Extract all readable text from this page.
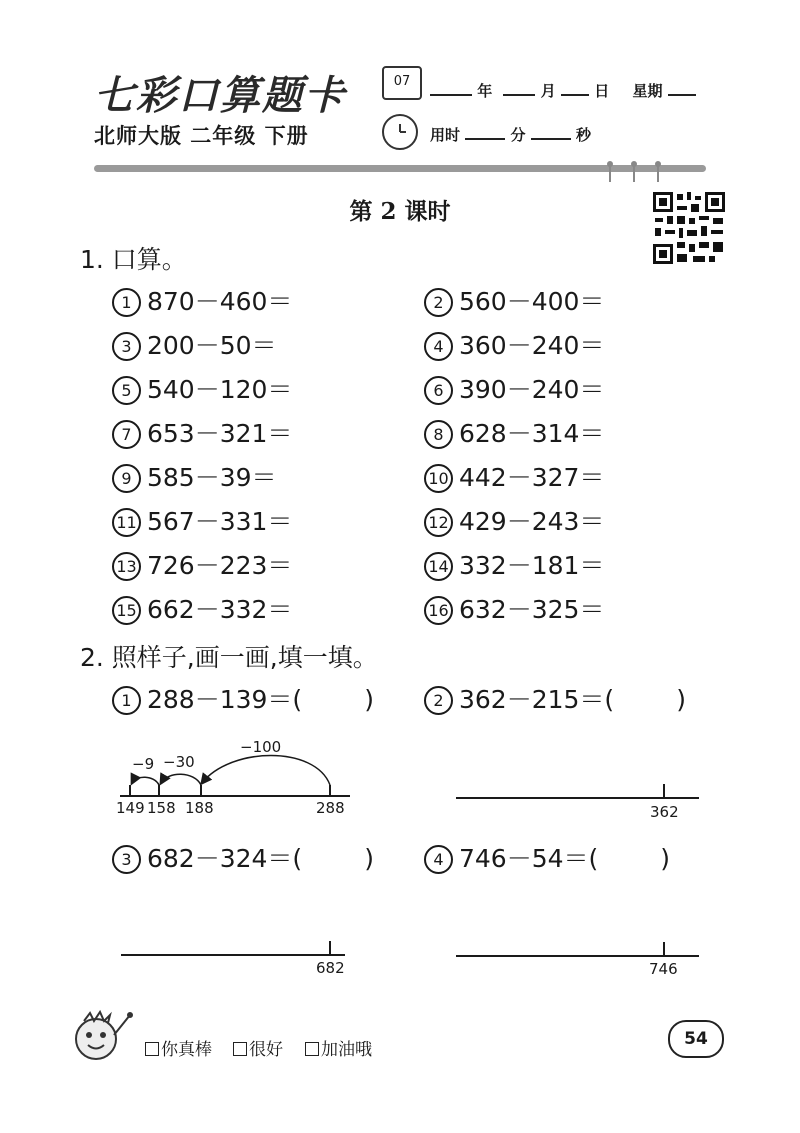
七彩口算题卡
北师大版 二年级 下册
07
年	月	日 星期
用时	分	秒
第 2 课时
1. 口算。
1 870－460＝	2 560－400＝
3 200－50＝	4 360－240＝
5 540－120＝	6 390－240＝
7 653－321＝	8 628－314＝
9 585－39＝	10 442－327＝
11 567－331＝	12 429－243＝
13 726－223＝	14 332－181＝
15 662－332＝	16 632－325＝
2. 照样子,画一画,填一填。
1 288－139＝( )	2 362－215＝( )
−9 −30
−100
149 158 188	288	362
3 682－324＝( )	4 746－54＝( )
682	746
你真棒	很好	加油哦
54
